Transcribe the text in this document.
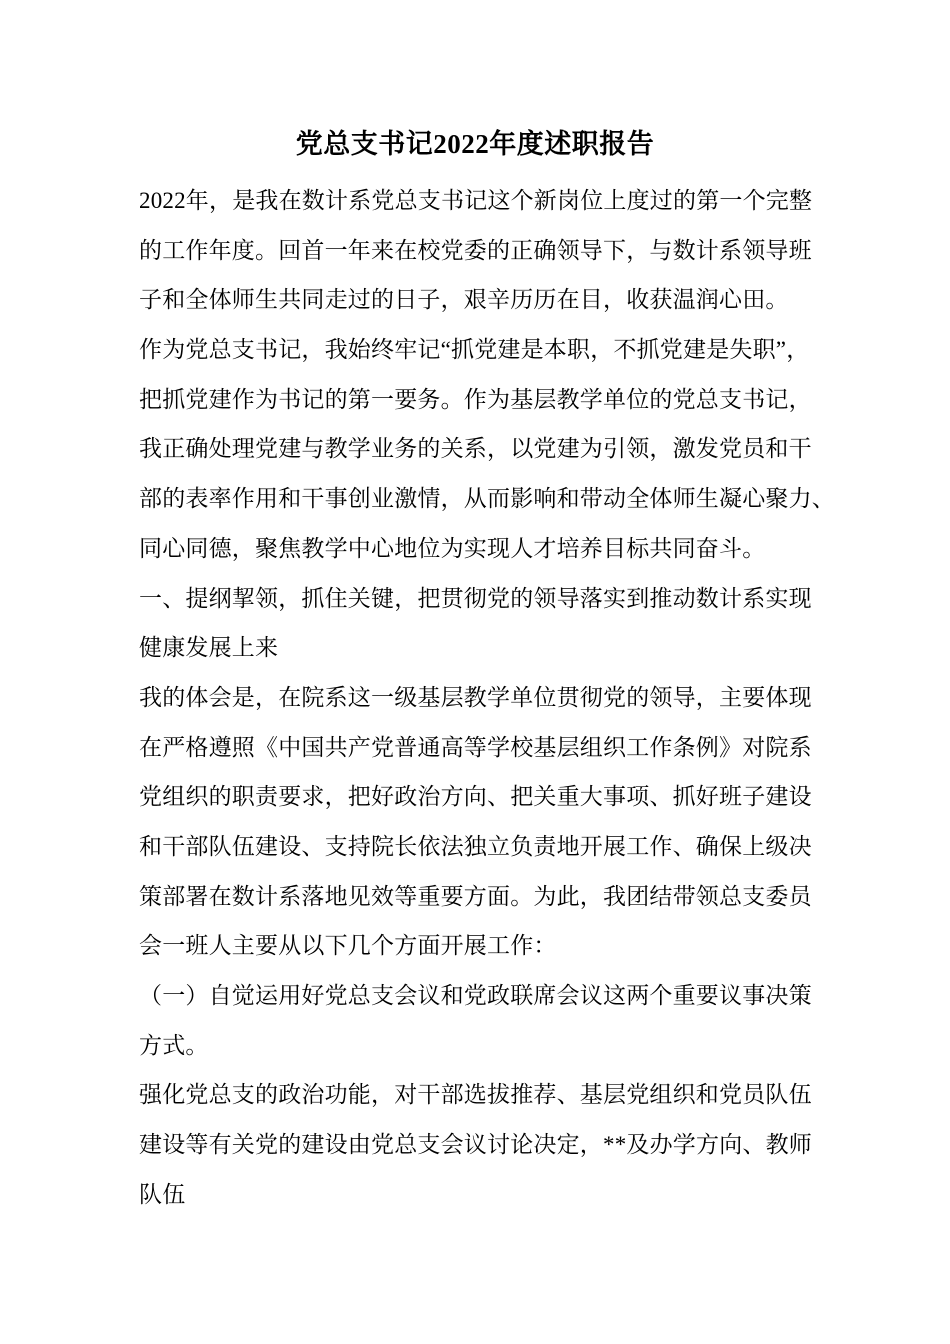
党总支书记2022年度述职报告
2022年，是我在数计系党总支书记这个新岗位上度过的第一个完整
的工作年度。回首一年来在校党委的正确领导下，与数计系领导班
子和全体师生共同走过的日子，艰辛历历在目，收获温润心田。
作为党总支书记，我始终牢记“抓党建是本职，不抓党建是失职”，
把抓党建作为书记的第一要务。作为基层教学单位的党总支书记，
我正确处理党建与教学业务的关系，以党建为引领，激发党员和干
部的表率作用和干事创业激情，从而影响和带动全体师生凝心聚力、
同心同德，聚焦教学中心地位为实现人才培养目标共同奋斗。
一、提纲挈领，抓住关键，把贯彻党的领导落实到推动数计系实现
健康发展上来
我的体会是，在院系这一级基层教学单位贯彻党的领导，主要体现
在严格遵照《中国共产党普通高等学校基层组织工作条例》对院系
党组织的职责要求，把好政治方向、把关重大事项、抓好班子建设
和干部队伍建设、支持院长依法独立负责地开展工作、确保上级决
策部署在数计系落地见效等重要方面。为此，我团结带领总支委员
会一班人主要从以下几个方面开展工作：
（一）自觉运用好党总支会议和党政联席会议这两个重要议事决策
方式。
强化党总支的政治功能，对干部选拔推荐、基层党组织和党员队伍
建设等有关党的建设由党总支会议讨论决定，**及办学方向、教师
队伍
